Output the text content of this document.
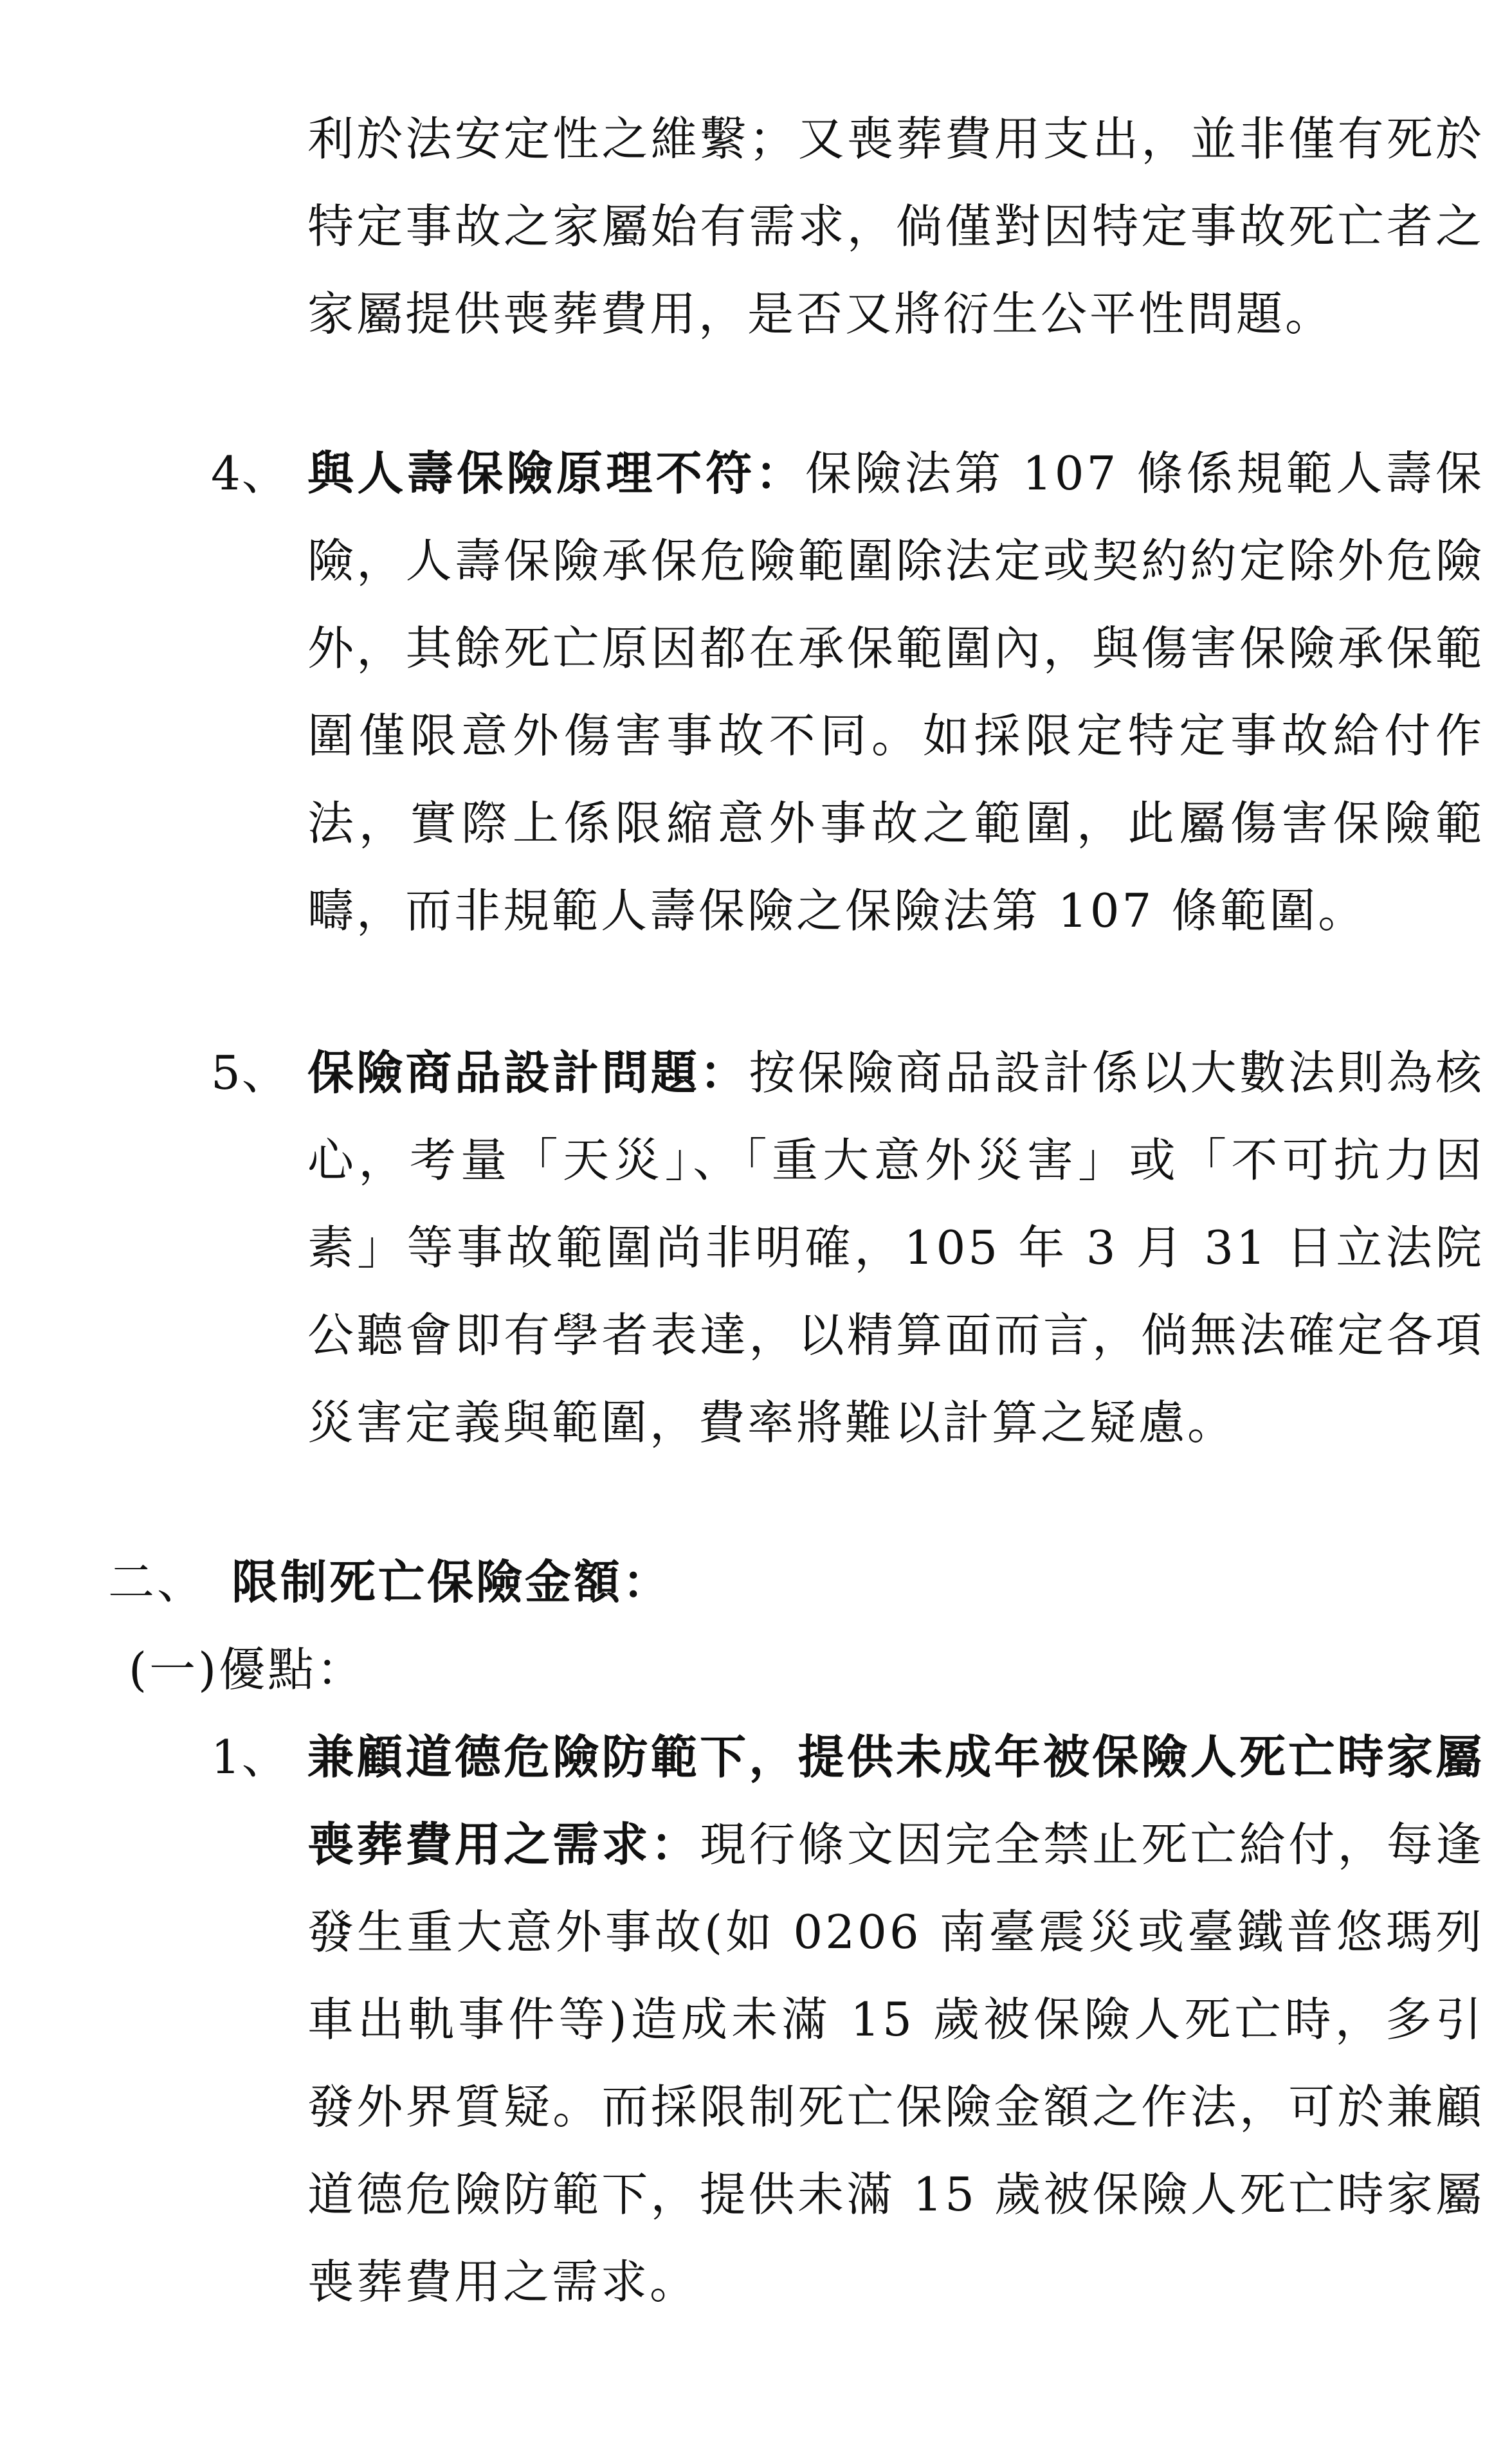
利於法安定性之維繫；又喪葬費用支出，並非僅有死於特定事故之家屬始有需求，倘僅對因特定事故死亡者之家屬提供喪葬費用，是否又將衍生公平性問題。
4、 與人壽保險原理不符：保險法第 107 條係規範人壽保險，人壽保險承保危險範圍除法定或契約約定除外危險外，其餘死亡原因都在承保範圍內，與傷害保險承保範圍僅限意外傷害事故不同。如採限定特定事故給付作法，實際上係限縮意外事故之範圍，此屬傷害保險範疇，而非規範人壽保險之保險法第 107 條範圍。
5、 保險商品設計問題：按保險商品設計係以大數法則為核心，考量「天災」、「重大意外災害」或「不可抗力因素」等事故範圍尚非明確，105 年 3 月 31 日立法院公聽會即有學者表達，以精算面而言，倘無法確定各項災害定義與範圍，費率將難以計算之疑慮。
二、 限制死亡保險金額：
(一)優點：
1、 兼顧道德危險防範下，提供未成年被保險人死亡時家屬喪葬費用之需求：現行條文因完全禁止死亡給付，每逢發生重大意外事故(如 0206 南臺震災或臺鐵普悠瑪列車出軌事件等)造成未滿 15 歲被保險人死亡時，多引發外界質疑。而採限制死亡保險金額之作法，可於兼顧道德危險防範下，提供未滿 15 歲被保險人死亡時家屬喪葬費用之需求。
